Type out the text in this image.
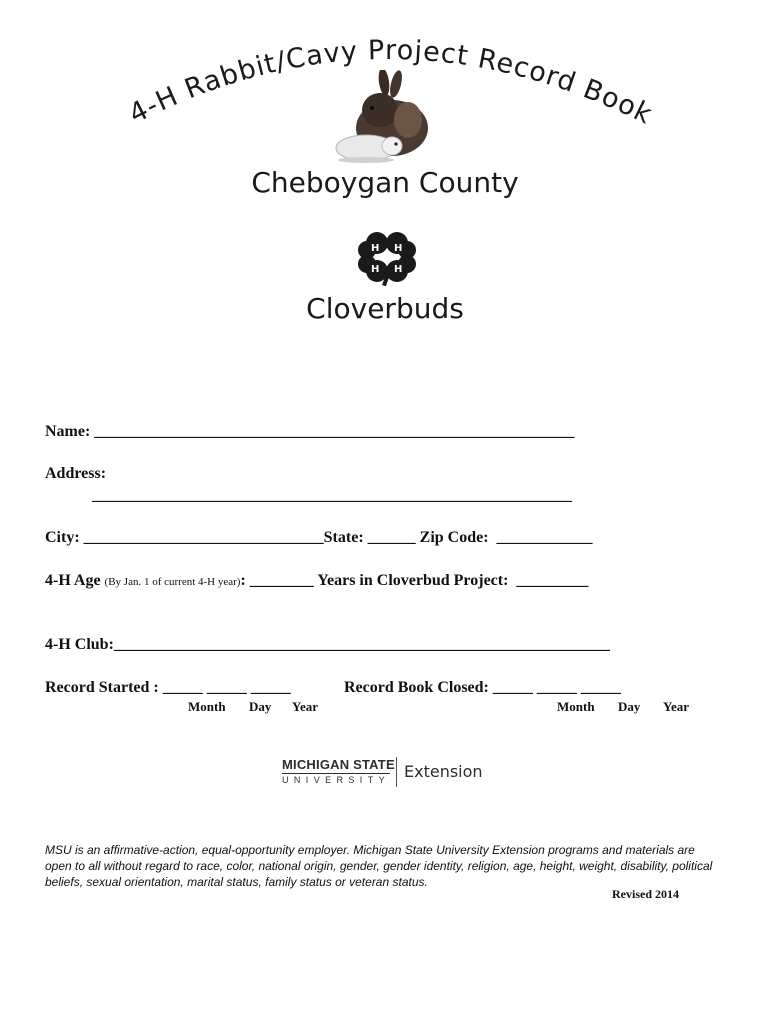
4-H Rabbit/Cavy Project Record Book
Cheboygan County
H H
H H
Cloverbuds
Name: ____________________________________________________________
Address:
____________________________________________________________
City: ______________________________State: ______ Zip Code:  ____________
4-H Age (By Jan. 1 of current 4-H year): ________ Years in Cloverbud Project:  _________
4-H Club:______________________________________________________________
Record Started : _____ _____ _____	Record Book Closed: _____ _____ _____
Month Day Year	Month Day Year
MICHIGAN STATE
UNIVERSITY Extension
MSU is an affirmative-action, equal-opportunity employer. Michigan State University Extension programs and materials are open to all without regard to race, color, national origin, gender, gender identity, religion, age, height, weight, disability, political beliefs, sexual orientation, marital status, family status or veteran status.
Revised 2014
